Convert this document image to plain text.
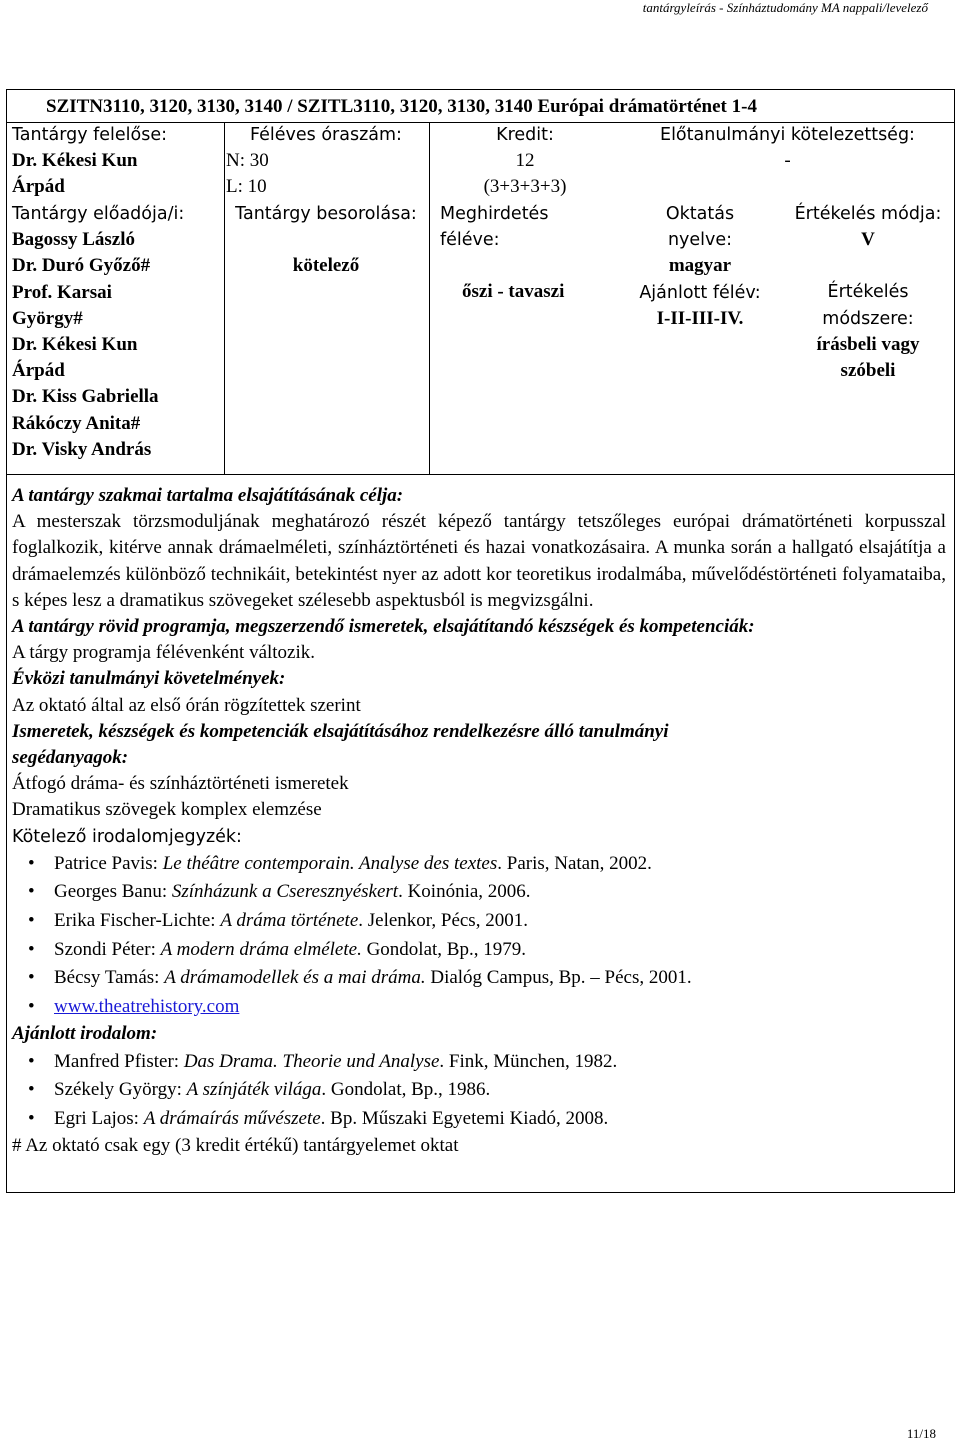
tantárgyleírás - Színháztudomány MA nappali/levelező
SZITN3110, 3120, 3130, 3140 / SZITL3110, 3120, 3130, 3140 Európai drámatörténet 1-4
Tantárgy felelőse:
Dr. Kékesi Kun
Árpád
Féléves óraszám:
N: 30
L: 10
Kredit:
12
(3+3+3+3)
Előtanulmányi kötelezettség:
-
Tantárgy előadója/i:
Bagossy László
Dr. Duró Győző#
Prof. Karsai
György#
Dr. Kékesi Kun
Árpád
Dr. Kiss Gabriella
Rákóczy Anita#
Dr. Visky András
Tantárgy besorolása:
kötelező
Meghirdetés
féléve:
őszi - tavaszi
Oktatás
nyelve:
magyar
Ajánlott félév:
I-II-III-IV.
Értékelés módja:
V
Értékelés
módszere:
írásbeli vagy
szóbeli
A tantárgy szakmai tartalma elsajátításának célja:
A mesterszak törzsmoduljának meghatározó részét képező tantárgy tetszőleges európai drámatörténeti korpusszal foglalkozik, kitérve annak drámaelméleti, színháztörténeti és hazai vonatkozásaira. A munka során a hallgató elsajátítja a drámaelemzés különböző technikáit, betekintést nyer az adott kor teoretikus irodalmába, művelődéstörténeti folyamataiba, s képes lesz a dramatikus szövegeket szélesebb aspektusból is megvizsgálni.
A tantárgy rövid programja, megszerzendő ismeretek, elsajátítandó készségek és kompetenciák:
A tárgy programja félévenként változik.
Évközi tanulmányi követelmények:
Az oktató által az első órán rögzítettek szerint
Ismeretek, készségek és kompetenciák elsajátításához rendelkezésre álló tanulmányi
segédanyagok:
Átfogó dráma- és színháztörténeti ismeretek
Dramatikus szövegek komplex elemzése
Kötelező irodalomjegyzék:
• Patrice Pavis: Le théâtre contemporain. Analyse des textes. Paris, Natan, 2002.
• Georges Banu: Színházunk a Cseresznyéskert. Koinónia, 2006.
• Erika Fischer-Lichte: A dráma története. Jelenkor, Pécs, 2001.
• Szondi Péter: A modern dráma elmélete. Gondolat, Bp., 1979.
• Bécsy Tamás: A drámamodellek és a mai dráma. Dialóg Campus, Bp. – Pécs, 2001.
• www.theatrehistory.com
Ajánlott irodalom:
• Manfred Pfister: Das Drama. Theorie und Analyse. Fink, München, 1982.
• Székely György: A színjáték világa. Gondolat, Bp., 1986.
• Egri Lajos: A drámaírás művészete. Bp. Műszaki Egyetemi Kiadó, 2008.
# Az oktató csak egy (3 kredit értékű) tantárgyelemet oktat
11/18
